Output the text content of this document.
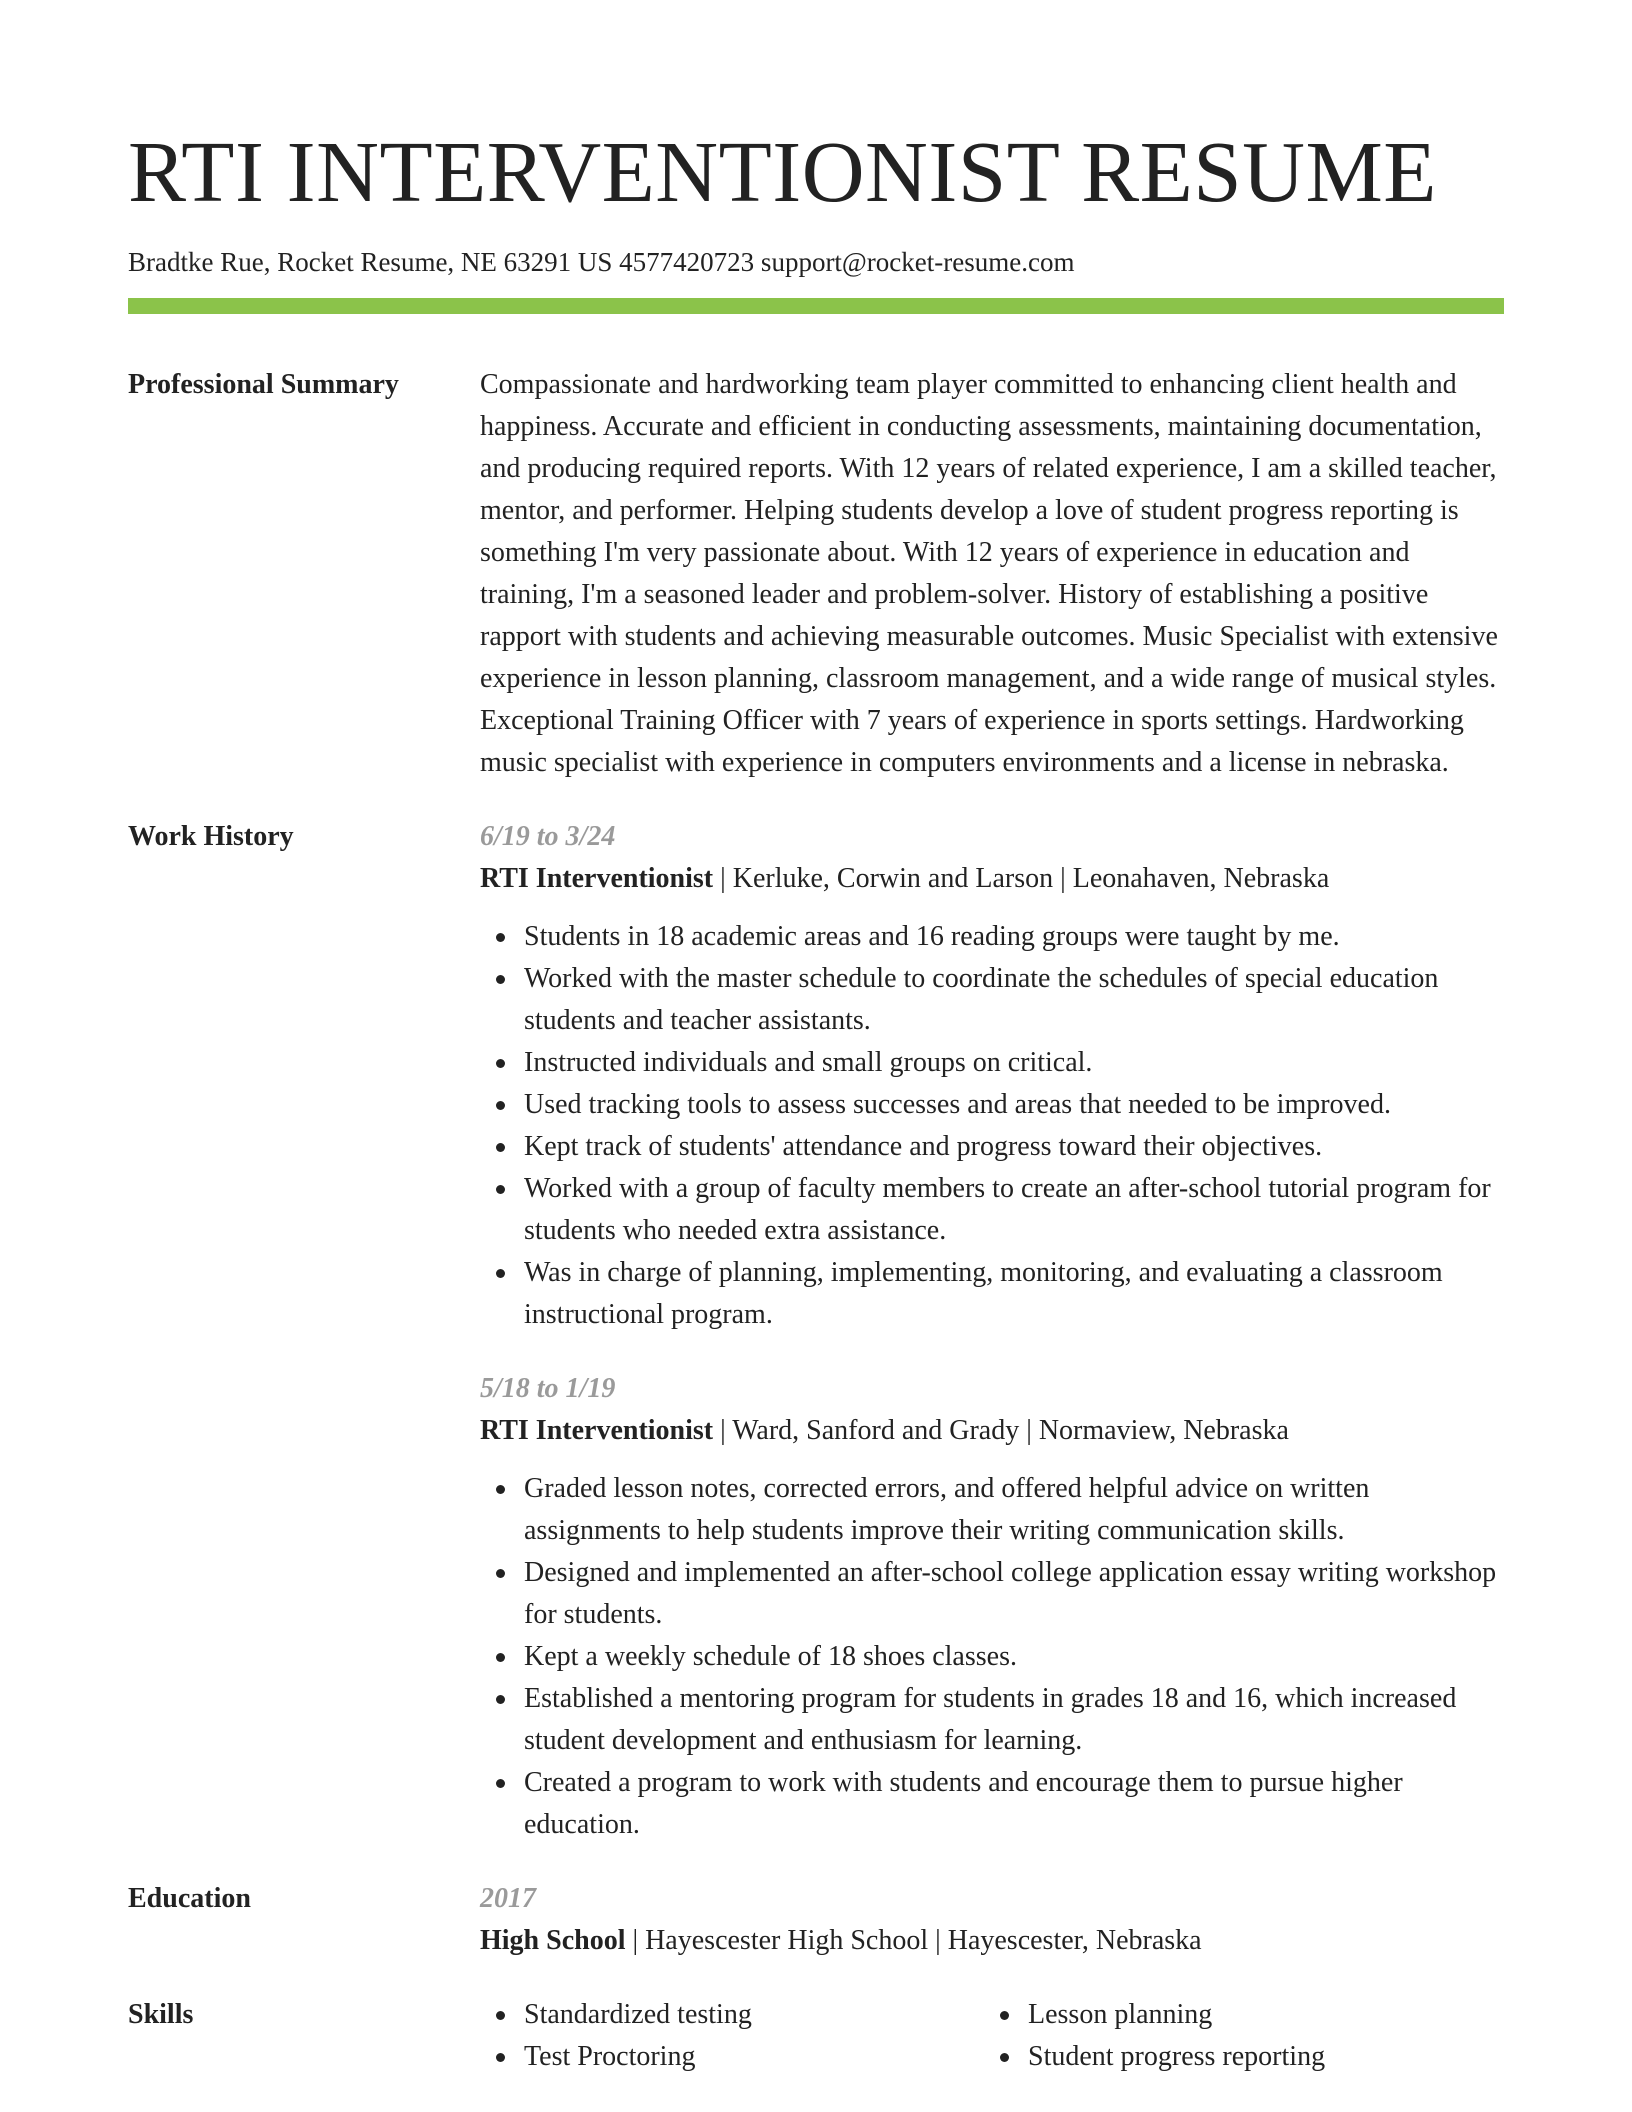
RTI INTERVENTIONIST RESUME
Bradtke Rue, Rocket Resume, NE 63291 US 4577420723 support@rocket-resume.com
Professional Summary	Compassionate and hardworking team player committed to enhancing client health and happiness. Accurate and efficient in conducting assessments, maintaining documentation, and producing required reports. With 12 years of related experience, I am a skilled teacher, mentor, and performer. Helping students develop a love of student progress reporting is something I'm very passionate about. With 12 years of experience in education and training, I'm a seasoned leader and problem-solver. History of establishing a positive rapport with students and achieving measurable outcomes. Music Specialist with extensive experience in lesson planning, classroom management, and a wide range of musical styles. Exceptional Training Officer with 7 years of experience in sports settings. Hardworking music specialist with experience in computers environments and a license in nebraska.

Work History	6/19 to 3/24
RTI Interventionist | Kerluke, Corwin and Larson | Leonahaven, Nebraska
Students in 18 academic areas and 16 reading groups were taught by me.
Worked with the master schedule to coordinate the schedules of special education students and teacher assistants.
Instructed individuals and small groups on critical.
Used tracking tools to assess successes and areas that needed to be improved.
Kept track of students' attendance and progress toward their objectives.
Worked with a group of faculty members to create an after-school tutorial program for students who needed extra assistance.
Was in charge of planning, implementing, monitoring, and evaluating a classroom instructional program.
5/18 to 1/19
RTI Interventionist | Ward, Sanford and Grady | Normaview, Nebraska
Graded lesson notes, corrected errors, and offered helpful advice on written assignments to help students improve their writing communication skills.
Designed and implemented an after-school college application essay writing workshop for students.
Kept a weekly schedule of 18 shoes classes.
Established a mentoring program for students in grades 18 and 16, which increased student development and enthusiasm for learning.
Created a program to work with students and encourage them to pursue higher education.
Education	2017
High School | Hayescester High School | Hayescester, Nebraska
Skills	Standardized testing
Test Proctoring
Lesson planning
Student progress reporting
